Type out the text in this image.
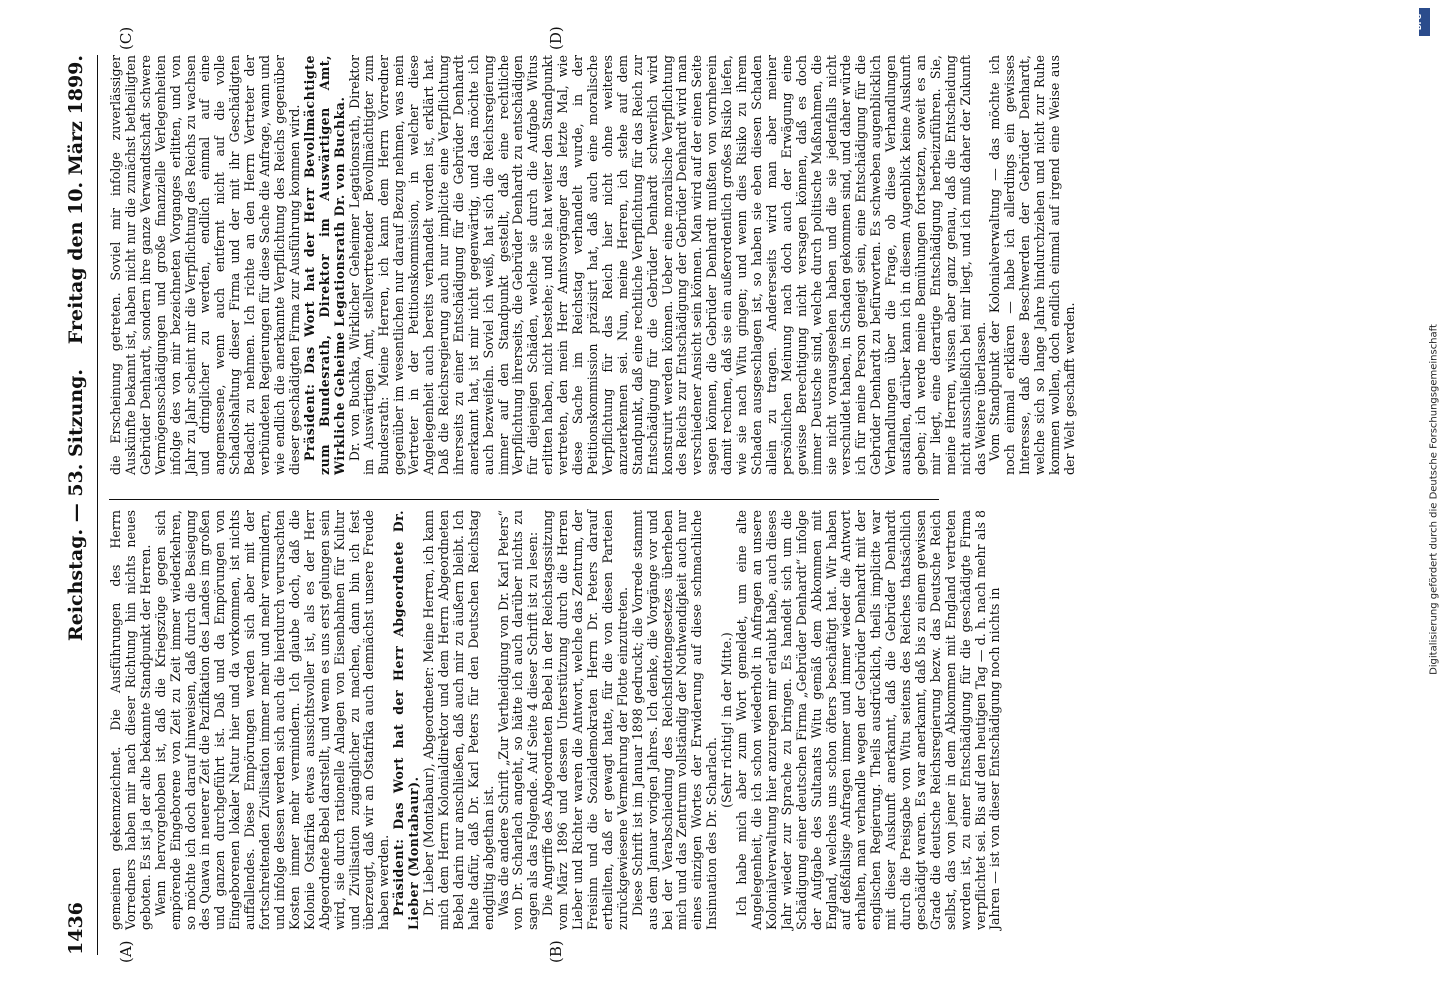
1436
Reichstag. — 53. Sitzung.
Freitag den 10. März 1899.
(A)	(B)
(C)	(D)

gemeinen gekennzeichnet. Die Ausführungen des Herrn Vorredners haben mir nach dieser Richtung hin nichts neues geboten. Es ist ja der alte bekannte Standpunkt der Herren. Wenn hervorgehoben ist, daß die Kriegszüge gegen sich empörende Eingeborene von Zeit zu Zeit immer wiederkehren, so möchte ich doch darauf hinweisen, daß durch die Besiegung des Quawa in neuerer Zeit die Pazifikation des Landes im großen und ganzen durchgeführt ist. Daß und da Empörungen von Eingeborenen lokaler Natur hier und da vorkommen, ist nichts auffallendes. Diese Empörungen werden sich aber mit der fortschreitenden Zivilisation immer mehr und mehr vermindern, und infolge dessen werden sich auch die hierdurch verursachten Kosten immer mehr vermindern. Ich glaube doch, daß die Kolonie Ostafrika etwas aussichtsvoller ist, als es der Herr Abgeordnete Bebel darstellt, und wenn es uns erst gelungen sein wird, sie durch rationelle Anlagen von Eisenbahnen für Kultur und Zivilisation zugänglicher zu machen, dann bin ich fest überzeugt, daß wir an Ostafrika auch demnächst unsere Freude haben werden. Präsident: Das Wort hat der Herr Abgeordnete Dr. Lieber (Montabaur). Dr. Lieber (Montabaur), Abgeordneter: Meine Herren, ich kann mich dem Herrn Kolonialdirektor und dem Herrn Abgeordneten Bebel darin nur anschließen, daß auch mir zu äußern bleibt. Ich halte dafür, daß Dr. Karl Peters für den Deutschen Reichstag endgiltig abgethan ist. Was die andere Schrift „Zur Vertheidigung von Dr. Karl Peters“ von Dr. Scharlach angeht, so hätte ich auch darüber nichts zu sagen als das Folgende. Auf Seite 4 dieser Schrift ist zu lesen: Die Angriffe des Abgeordneten Bebel in der Reichstagssitzung vom März 1896 und dessen Unterstützung durch die Herren Lieber und Richter waren die Antwort, welche das Zentrum, der Freisinn und die Sozialdemokraten Herrn Dr. Peters darauf ertheilten, daß er gewagt hatte, für die von diesen Parteien zurückgewiesene Vermehrung der Flotte einzutreten. Diese Schrift ist im Januar 1898 gedruckt; die Vorrede stammt aus dem Januar vorigen Jahres. Ich denke, die Vorgänge vor und bei der Verabschiedung des Reichsflottengesetzes überheben mich und das Zentrum vollständig der Nothwendigkeit auch nur eines einzigen Wortes der Erwiderung auf diese schmachliche Insinuation des Dr. Scharlach.

(Sehr richtig! in der Mitte.) Ich habe mich aber zum Wort gemeldet, um eine alte Angelegenheit, die ich schon wiederholt in Anfragen an unsere Kolonialverwaltung hier anzuregen mir erlaubt habe, auch dieses Jahr wieder zur Sprache zu bringen. Es handelt sich um die Schädigung einer deutschen Firma „Gebrüder Denhardt“ infolge der Aufgabe des Sultanats Witu gemäß dem Abkommen mit England, welches uns schon öfters beschäftigt hat. Wir haben auf deßfallsige Anfragen immer und immer wieder die Antwort erhalten, man verhandle wegen der Gebrüder Denhardt mit der englischen Regierung. Theils ausdrücklich, theils implicite war mit dieser Auskunft anerkannt, daß die Gebrüder Denhardt durch die Preisgabe von Witu seitens des Reiches thatsächlich geschädigt waren. Es war anerkannt, daß bis zu einem gewissen Grade die deutsche Reichsregierung bezw. das Deutsche Reich selbst, das von jener in dem Abkommen mit England vertreten worden ist, zu einer Entschädigung für die geschädigte Firma verpflichtet sei. Bis auf den heutigen Tag — d. h. nach mehr als 8 Jahren — ist von dieser Entschädigung noch nichts in

die Erscheinung getreten. Soviel mir infolge zuverlässiger Auskünfte bekannt ist, haben nicht nur die zunächst betheiligten Gebrüder Denhardt, sondern ihre ganze Verwandtschaft schwere Vermögensschädigungen und große finanzielle Verlegenheiten infolge des von mir bezeichneten Vorganges erlitten, und von Jahr zu Jahr scheint mir die Verpflichtung des Reichs zu wachsen und dringlicher zu werden, endlich einmal auf eine angemessene, wenn auch entfernt nicht auf die volle Schadloshaltung dieser Firma und der mit ihr Geschädigten Bedacht zu nehmen. Ich richte an den Herrn Vertreter der verbündeten Regierungen für diese Sache die Anfrage, wann und wie endlich die anerkannte Verpflichtung des Reichs gegenüber dieser geschädigten Firma zur Ausführung kommen wird. Präsident: Das Wort hat der Herr Bevollmächtigte zum Bundesrath, Direktor im Auswärtigen Amt, Wirkliche Geheime Legationsrath Dr. von Buchka. Dr. von Buchka, Wirklicher Geheimer Legationsrath, Direktor im Auswärtigen Amt, stellvertretender Bevollmächtigter zum Bundesrath: Meine Herren, ich kann dem Herrn Vorredner gegenüber im wesentlichen nur darauf Bezug nehmen, was mein Vertreter in der Petitionskommission, in welcher diese Angelegenheit auch bereits verhandelt worden ist, erklärt hat. Daß die Reichsregierung auch nur implicite eine Verpflichtung ihrerseits zu einer Entschädigung für die Gebrüder Denhardt anerkannt hat, ist mir nicht gegenwärtig, und das möchte ich auch bezweifeln. Soviel ich weiß, hat sich die Reichsregierung immer auf den Standpunkt gestellt, daß eine rechtliche Verpflichtung ihrerseits, die Gebrüder Denhardt zu entschädigen für diejenigen Schäden, welche sie durch die Aufgabe Witus erlitten haben, nicht bestehe; und sie hat weiter den Standpunkt vertreten, den mein Herr Amtsvorgänger das letzte Mal, wie diese Sache im Reichstag verhandelt wurde, in der Petitionskommission präzisirt hat, daß auch eine moralische Verpflichtung für das Reich hier nicht ohne weiteres anzuerkennen sei. Nun, meine Herren, ich stehe auf dem Standpunkt, daß eine rechtliche Verpflichtung für das Reich zur Entschädigung für die Gebrüder Denhardt schwerlich wird konstruirt werden können. Ueber eine moralische Verpflichtung des Reichs zur Entschädigung der Gebrüder Denhardt wird man verschiedener Ansicht sein können. Man wird auf der einen Seite sagen können, die Gebrüder Denhardt mußten von vornherein damit rechnen, daß sie ein außerordentlich großes Risiko liefen, wie sie nach Witu gingen; und wenn dies Risiko zu ihrem Schaden ausgeschlagen ist, so haben sie eben diesen Schaden allein zu tragen. Andererseits wird man aber meiner persönlichen Meinung nach doch auch der Erwägung eine gewisse Berechtigung nicht versagen können, daß es doch immer Deutsche sind, welche durch politische Maßnahmen, die sie nicht vorausgesehen haben und die sie jedenfalls nicht verschuldet haben, in Schaden gekommen sind, und daher würde ich für meine Person geneigt sein, eine Entschädigung für die Gebrüder Denhardt zu befürworten. Es schweben augenblicklich Verhandlungen über die Frage, ob diese Verhandlungen ausfallen, darüber kann ich in diesem Augenblick keine Auskunft geben; ich werde meine Bemühungen fortsetzen, soweit es an mir liegt, eine derartige Entschädigung herbeizuführen. Sie, meine Herren, wissen aber ganz genau, daß die Entscheidung nicht ausschließlich bei mir liegt, und ich muß daher der Zukunft das Weitere überlassen. Vom Standpunkt der Kolonialverwaltung — das möchte ich noch einmal erklären — habe ich allerdings ein gewisses Interesse, daß diese Beschwerden der Gebrüder Denhardt, welche sich so lange Jahre hindurchziehen und nicht zur Ruhe kommen wollen, doch endlich einmal auf irgend eine Weise aus der Welt geschafft werden.	Digitalisierung gefördert durch die Deutsche Forschungsgemeinschaft
DFG
